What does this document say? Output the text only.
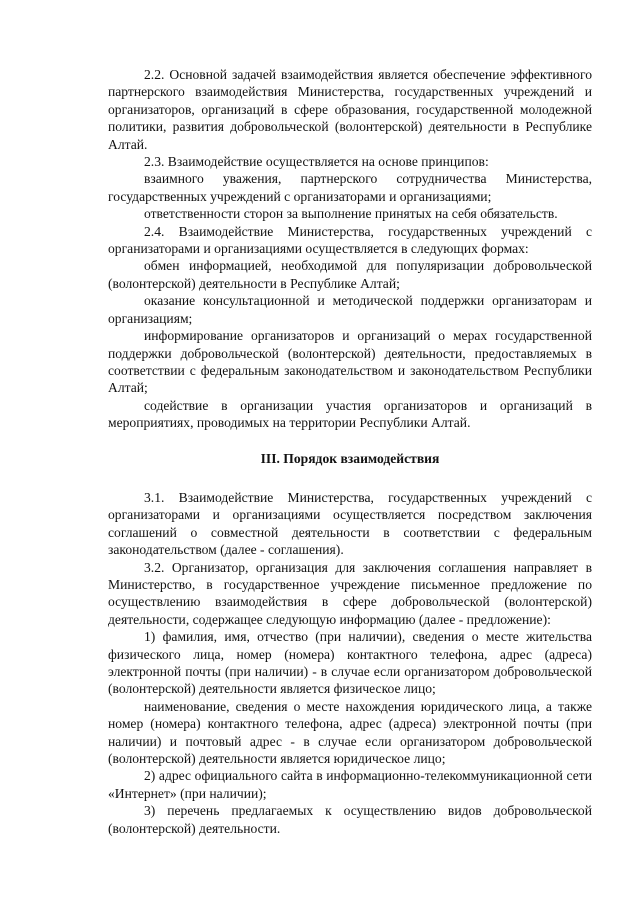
2.2. Основной задачей взаимодействия является обеспечение эффективного партнерского взаимодействия Министерства, государственных учреждений и организаторов, организаций в сфере образования, государственной молодежной политики, развития добровольческой (волонтерской) деятельности в Республике Алтай.

2.3. Взаимодействие осуществляется на основе принципов:

взаимного уважения, партнерского сотрудничества Министерства, государственных учреждений с организаторами и организациями;

ответственности сторон за выполнение принятых на себя обязательств.

2.4. Взаимодействие Министерства, государственных учреждений с организаторами и организациями осуществляется в следующих формах:

обмен информацией, необходимой для популяризации добровольческой (волонтерской) деятельности в Республике Алтай;

оказание консультационной и методической поддержки организаторам и организациям;

информирование организаторов и организаций о мерах государственной поддержки добровольческой (волонтерской) деятельности, предоставляемых в соответствии с федеральным законодательством и законодательством Республики Алтай;

содействие в организации участия организаторов и организаций в мероприятиях, проводимых на территории Республики Алтай.

III. Порядок взаимодействия

3.1. Взаимодействие Министерства, государственных учреждений с организаторами и организациями осуществляется посредством заключения соглашений о совместной деятельности в соответствии с федеральным законодательством (далее - соглашения).

3.2. Организатор, организация для заключения соглашения направляет в Министерство, в государственное учреждение письменное предложение по осуществлению взаимодействия в сфере добровольческой (волонтерской) деятельности, содержащее следующую информацию (далее - предложение):

1) фамилия, имя, отчество (при наличии), сведения о месте жительства физического лица, номер (номера) контактного телефона, адрес (адреса) электронной почты (при наличии) - в случае если организатором добровольческой (волонтерской) деятельности является физическое лицо;

наименование, сведения о месте нахождения юридического лица, а также номер (номера) контактного телефона, адрес (адреса) электронной почты (при наличии) и почтовый адрес - в случае если организатором добровольческой (волонтерской) деятельности является юридическое лицо;

2) адрес официального сайта в информационно-телекоммуникационной сети «Интернет» (при наличии);

3) перечень предлагаемых к осуществлению видов добровольческой (волонтерской) деятельности.
